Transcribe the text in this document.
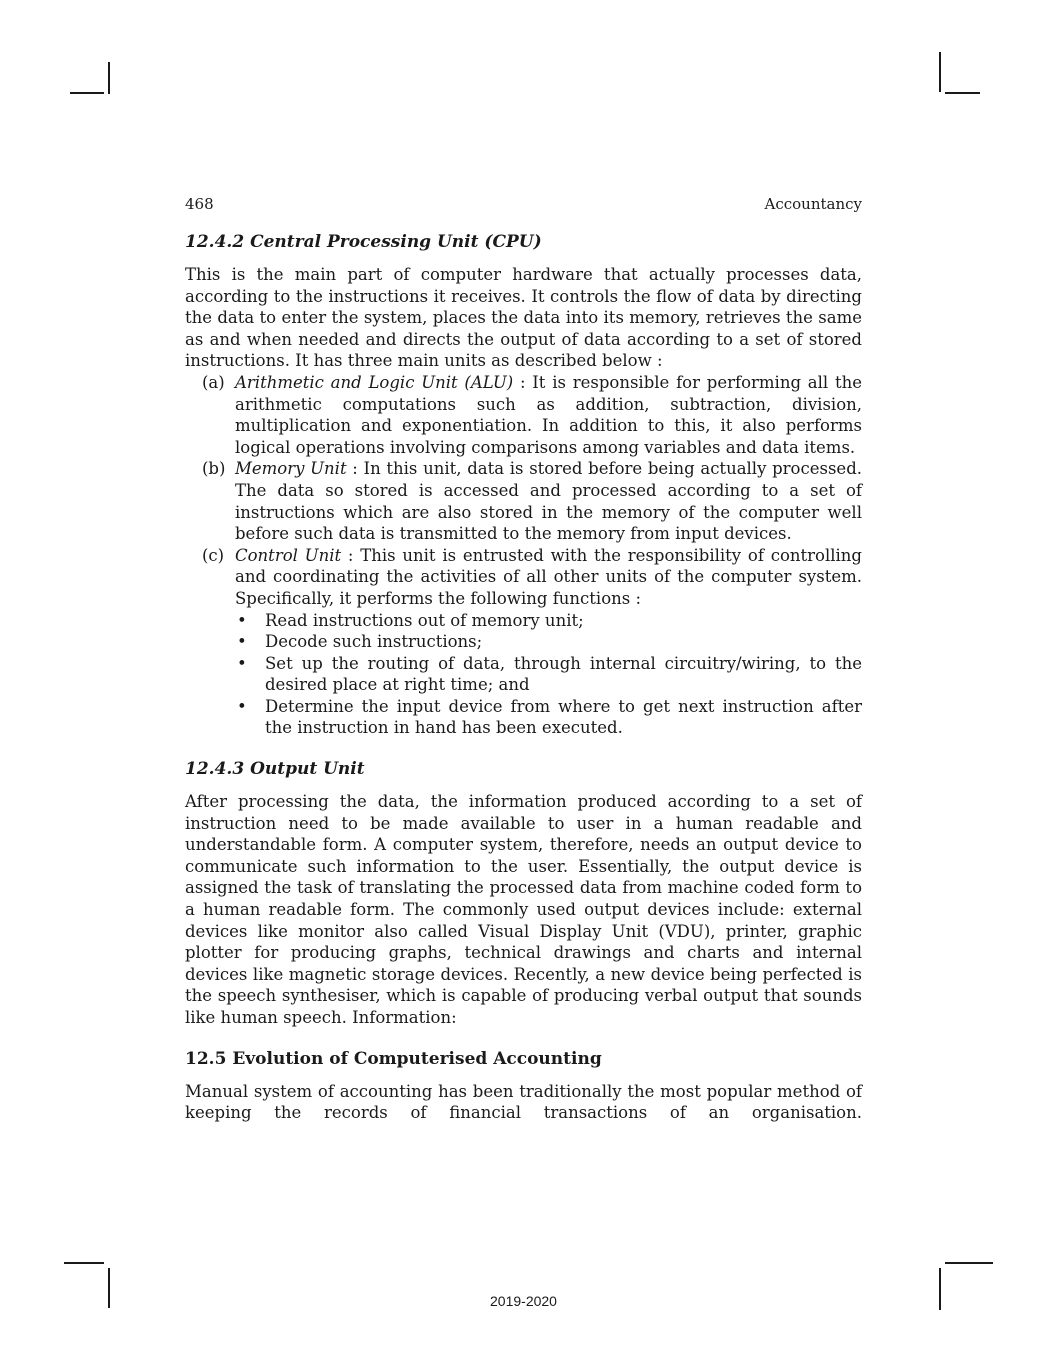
468	Accountancy
12.4.2 Central Processing Unit (CPU)

This is the main part of computer hardware that actually processes data, according to the instructions it receives. It controls the flow of data by directing the data to enter the system, places the data into its memory, retrieves the same as and when needed and directs the output of data according to a set of stored instructions. It has three main units as described below :

(a) Arithmetic and Logic Unit (ALU) : It is responsible for performing all the arithmetic computations such as addition, subtraction, division, multiplication and exponentiation. In addition to this, it also performs logical operations involving comparisons among variables and data items.
(b) Memory Unit : In this unit, data is stored before being actually processed. The data so stored is accessed and processed according to a set of instructions which are also stored in the memory of the computer well before such data is transmitted to the memory from input devices.
(c) Control Unit : This unit is entrusted with the responsibility of controlling and coordinating the activities of all other units of the computer system. Specifically, it performs the following functions :
•	Read instructions out of memory unit;
•	Decode such instructions;
•	Set up the routing of data, through internal circuitry/wiring, to the desired place at right time; and
•	Determine the input device from where to get next instruction after the instruction in hand has been executed.
12.4.3 Output Unit

After processing the data, the information produced according to a set of instruction need to be made available to user in a human readable and understandable form. A computer system, therefore, needs an output device to communicate such information to the user. Essentially, the output device is assigned the task of translating the processed data from machine coded form to a human readable form. The commonly used output devices include: external devices like monitor also called Visual Display Unit (VDU), printer, graphic plotter for producing graphs, technical drawings and charts and internal devices like magnetic storage devices. Recently, a new device being perfected is the speech synthesiser, which is capable of producing verbal output that sounds like human speech. Information:

12.5 Evolution of Computerised Accounting

Manual system of accounting has been traditionally the most popular method of keeping the records of financial transactions of an organisation.

2019-2020
